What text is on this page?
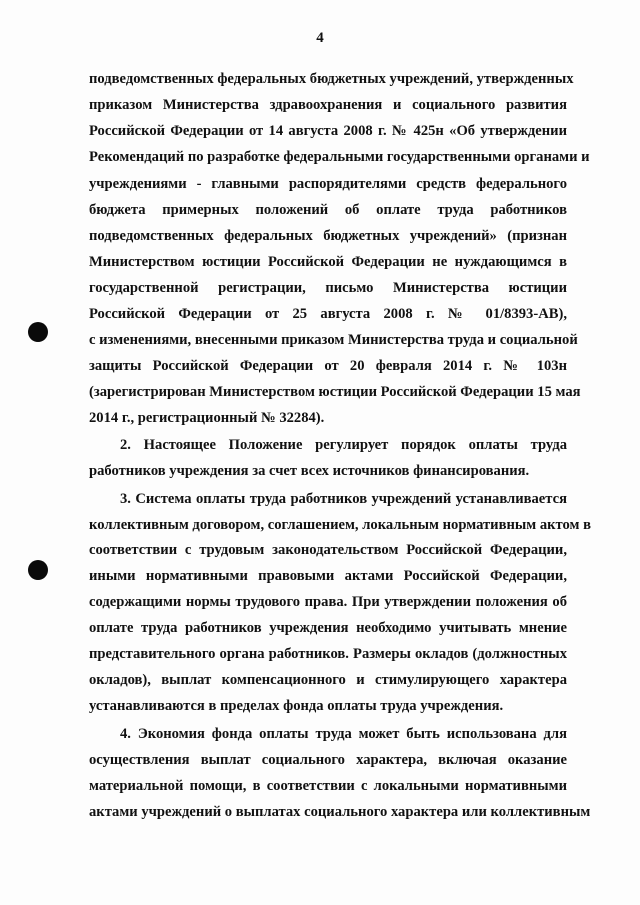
4
подведомственных федеральных бюджетных учреждений, утвержденных
приказом Министерства здравоохранения и социального развития
Российской Федерации от 14 августа 2008 г. № 425н «Об утверждении
Рекомендаций по разработке федеральными государственными органами и
учреждениями - главными распорядителями средств федерального
бюджета примерных положений об оплате труда работников
подведомственных федеральных бюджетных учреждений» (признан
Министерством юстиции Российской Федерации не нуждающимся в
государственной регистрации, письмо Министерства юстиции
Российской Федерации от 25 августа 2008 г. № 01/8393-АВ),
с изменениями, внесенными приказом Министерства труда и социальной
защиты Российской Федерации от 20 февраля 2014 г. № 103н
(зарегистрирован Министерством юстиции Российской Федерации 15 мая
2014 г., регистрационный № 32284).
2. Настоящее Положение регулирует порядок оплаты труда
работников учреждения за счет всех источников финансирования.
3. Система оплаты труда работников учреждений устанавливается
коллективным договором, соглашением, локальным нормативным актом в
соответствии с трудовым законодательством Российской Федерации,
иными нормативными правовыми актами Российской Федерации,
содержащими нормы трудового права. При утверждении положения об
оплате труда работников учреждения необходимо учитывать мнение
представительного органа работников. Размеры окладов (должностных
окладов), выплат компенсационного и стимулирующего характера
устанавливаются в пределах фонда оплаты труда учреждения.
4. Экономия фонда оплаты труда может быть использована для
осуществления выплат социального характера, включая оказание
материальной помощи, в соответствии с локальными нормативными
актами учреждений о выплатах социального характера или коллективным
